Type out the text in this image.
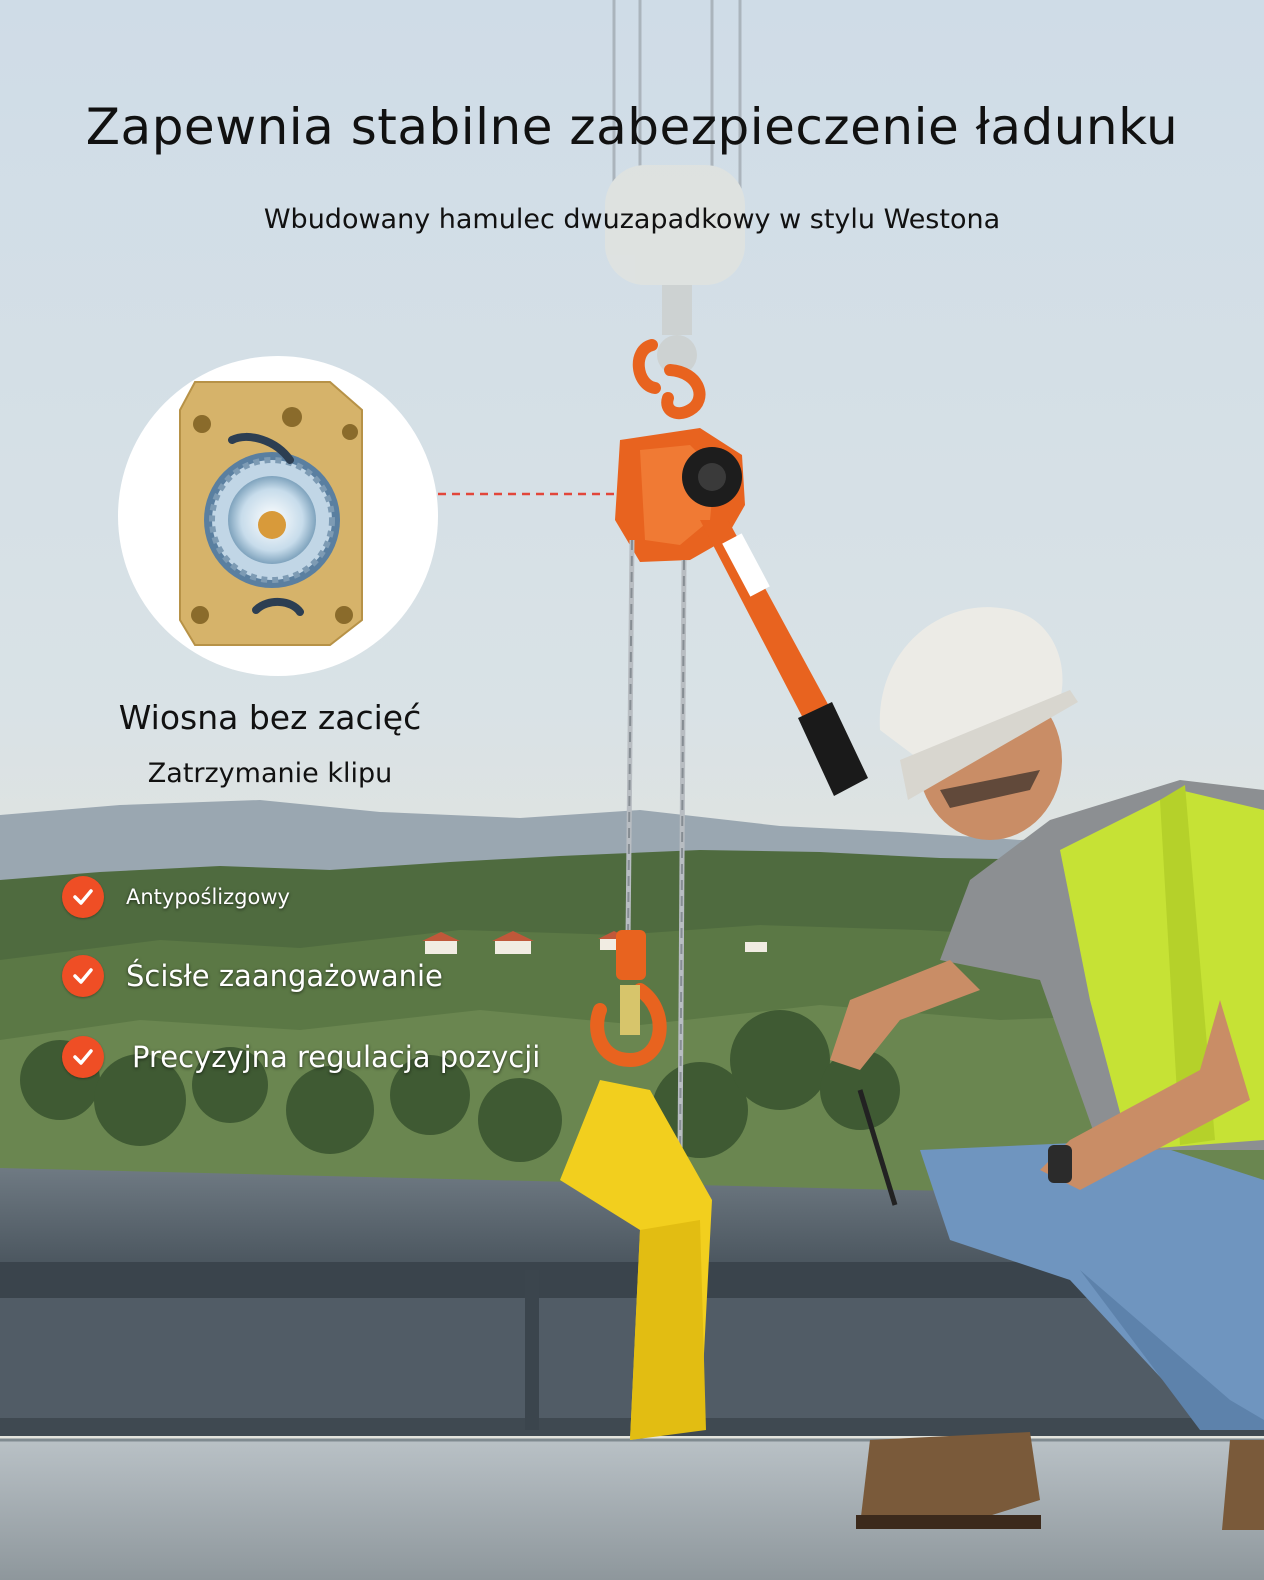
Zapewnia stabilne zabezpieczenie ładunku
Wbudowany hamulec dwuzapadkowy w stylu Westona
Wiosna bez zacięć
Zatrzymanie klipu
Antypoślizgowy
Ścisłe zaangażowanie
Precyzyjna regulacja pozycji
